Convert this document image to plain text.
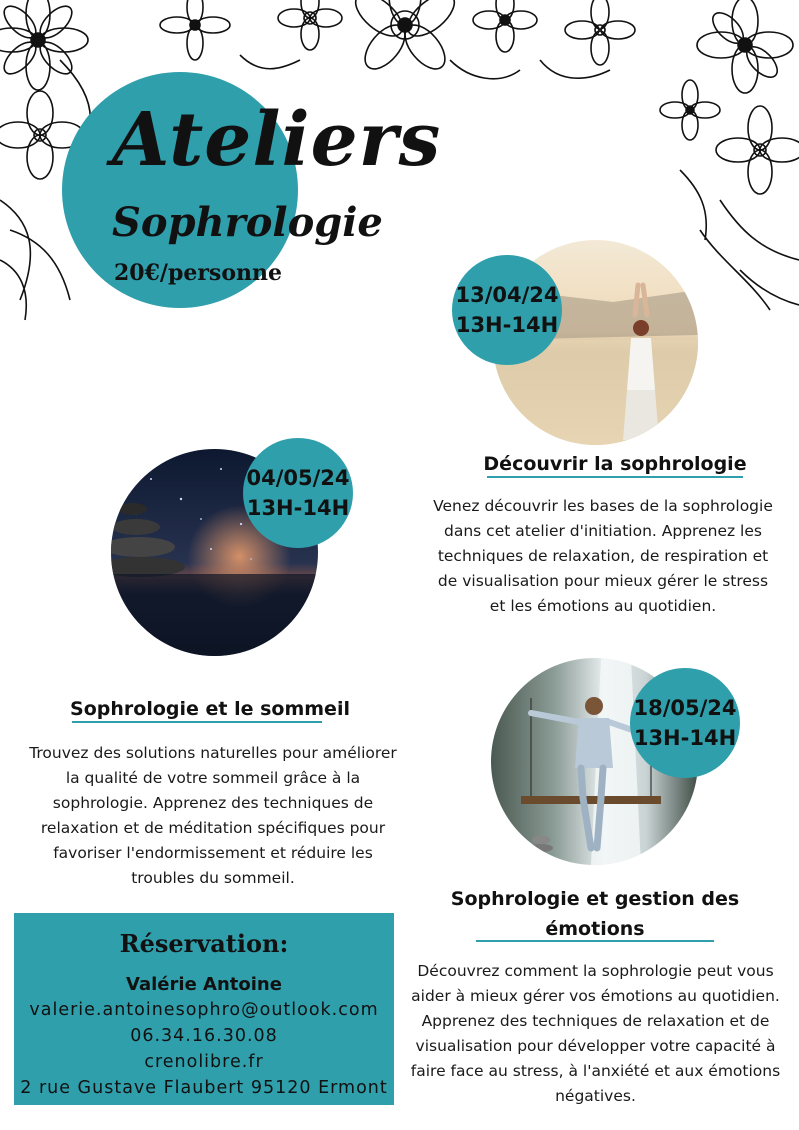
Ateliers
Sophrologie
20€/personne
13/04/24
13H-14H
Découvrir la sophrologie
Venez découvrir les bases de la sophrologie dans cet atelier d'initiation. Apprenez les techniques de relaxation, de respiration et de visualisation pour mieux gérer le stress et les émotions au quotidien.
04/05/24
13H-14H
Sophrologie et le sommeil
Trouvez des solutions naturelles pour améliorer la qualité de votre sommeil grâce à la sophrologie. Apprenez des techniques de relaxation et de méditation spécifiques pour favoriser l'endormissement et réduire les troubles du sommeil.
18/05/24
13H-14H
Sophrologie et gestion des
émotions
Découvrez comment la sophrologie peut vous aider à mieux gérer vos émotions au quotidien. Apprenez des techniques de relaxation et de visualisation pour développer votre capacité à faire face au stress, à l'anxiété et aux émotions négatives.
Réservation:
Valérie Antoine
valerie.antoinesophro@outlook.com
06.34.16.30.08
crenolibre.fr
2 rue Gustave Flaubert 95120 Ermont
